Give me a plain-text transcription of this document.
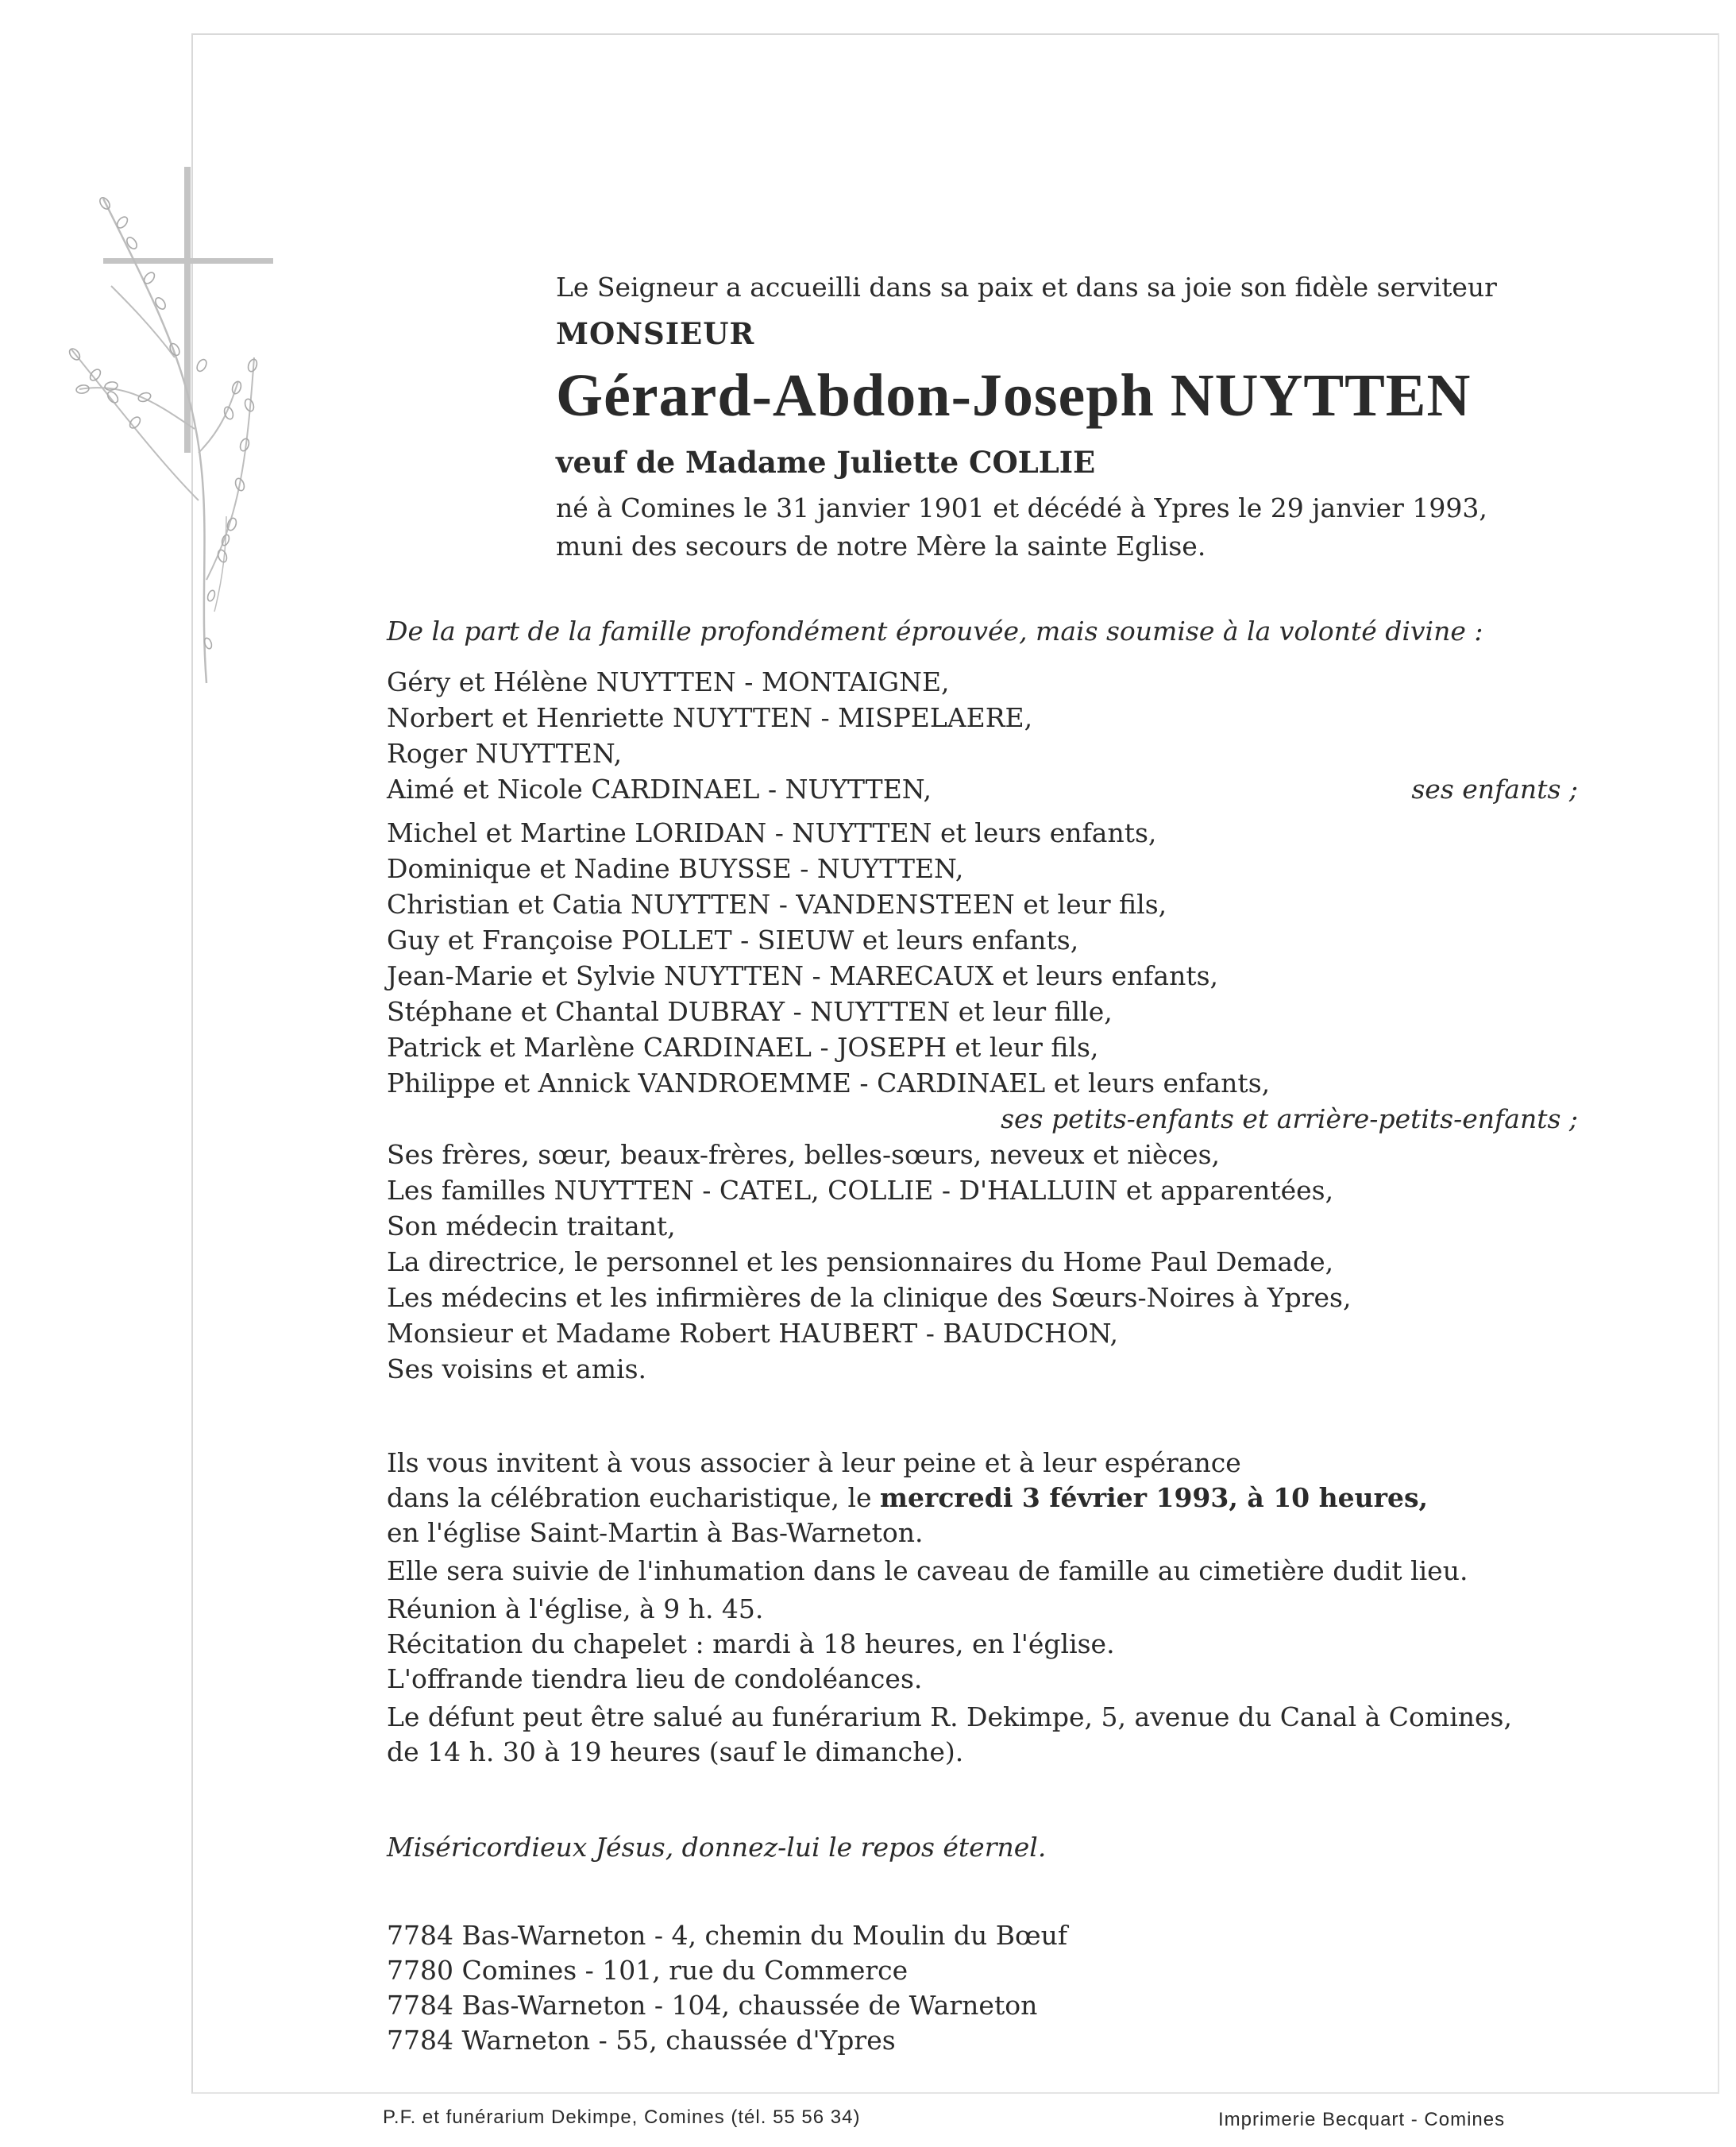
Le Seigneur a accueilli dans sa paix et dans sa joie son fidèle serviteur
MONSIEUR
Gérard-Abdon-Joseph NUYTTEN
veuf de Madame Juliette COLLIE
né à Comines le 31 janvier 1901 et décédé à Ypres le 29 janvier 1993,
muni des secours de notre Mère la sainte Eglise.
De la part de la famille profondément éprouvée, mais soumise à la volonté divine :
Géry et Hélène NUYTTEN - MONTAIGNE,
Norbert et Henriette NUYTTEN - MISPELAERE,
Roger NUYTTEN,
Aimé et Nicole CARDINAEL - NUYTTEN,	ses enfants ;
Michel et Martine LORIDAN - NUYTTEN et leurs enfants,
Dominique et Nadine BUYSSE - NUYTTEN,
Christian et Catia NUYTTEN - VANDENSTEEN et leur fils,
Guy et Françoise POLLET - SIEUW et leurs enfants,
Jean-Marie et Sylvie NUYTTEN - MARECAUX et leurs enfants,
Stéphane et Chantal DUBRAY - NUYTTEN et leur fille,
Patrick et Marlène CARDINAEL - JOSEPH et leur fils,
Philippe et Annick VANDROEMME - CARDINAEL et leurs enfants,
ses petits-enfants et arrière-petits-enfants ;
Ses frères, sœur, beaux-frères, belles-sœurs, neveux et nièces,
Les familles NUYTTEN - CATEL, COLLIE - D'HALLUIN et apparentées,
Son médecin traitant,
La directrice, le personnel et les pensionnaires du Home Paul Demade,
Les médecins et les infirmières de la clinique des Sœurs-Noires à Ypres,
Monsieur et Madame Robert HAUBERT - BAUDCHON,
Ses voisins et amis.
Ils vous invitent à vous associer à leur peine et à leur espérance
dans la célébration eucharistique, le mercredi 3 février 1993, à 10 heures,
en l'église Saint-Martin à Bas-Warneton.
Elle sera suivie de l'inhumation dans le caveau de famille au cimetière dudit lieu.
Réunion à l'église, à 9 h. 45.
Récitation du chapelet : mardi à 18 heures, en l'église.
L'offrande tiendra lieu de condoléances.
Le défunt peut être salué au funérarium R. Dekimpe, 5, avenue du Canal à Comines,
de 14 h. 30 à 19 heures (sauf le dimanche).
Miséricordieux Jésus, donnez-lui le repos éternel.
7784 Bas-Warneton - 4, chemin du Moulin du Bœuf
7780 Comines - 101, rue du Commerce
7784 Bas-Warneton - 104, chaussée de Warneton
7784 Warneton - 55, chaussée d'Ypres
P.F. et funérarium Dekimpe, Comines (tél. 55 56 34)	Imprimerie Becquart - Comines
